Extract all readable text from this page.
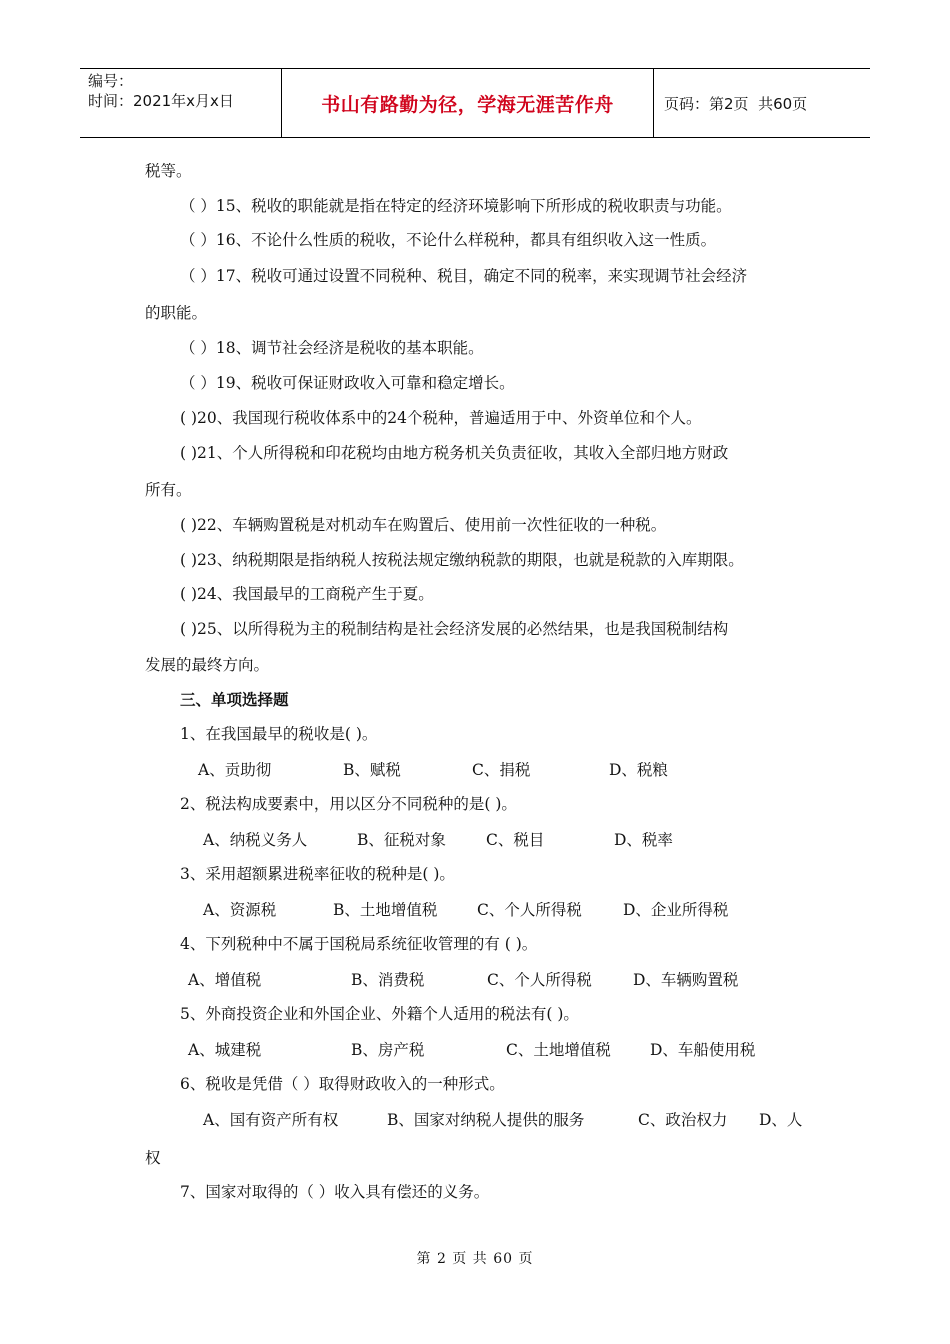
编号：
时间：2021年x月x日	书山有路勤为径，学海无涯苦作舟	页码：第2页  共60页
税等。
（ ）15、税收的职能就是指在特定的经济环境影响下所形成的税收职责与功能。
（ ）16、不论什么性质的税收，不论什么样税种，都具有组织收入这一性质。
（ ）17、税收可通过设置不同税种、税目，确定不同的税率，来实现调节社会经济
的职能。
（ ）18、调节社会经济是税收的基本职能。
（ ）19、税收可保证财政收入可靠和稳定增长。
( )20、我国现行税收体系中的24个税种，普遍适用于中、外资单位和个人。
( )21、个人所得税和印花税均由地方税务机关负责征收，其收入全部归地方财政
所有。
( )22、车辆购置税是对机动车在购置后、使用前一次性征收的一种税。
( )23、纳税期限是指纳税人按税法规定缴纳税款的期限，也就是税款的入库期限。
( )24、我国最早的工商税产生于夏。
( )25、以所得税为主的税制结构是社会经济发展的必然结果，也是我国税制结构
发展的最终方向。
三、单项选择题
1、在我国最早的税收是( )。
A、贡助彻	B、赋税	C、捐税	D、税粮
2、税法构成要素中，用以区分不同税种的是( )。
A、纳税义务人	B、征税对象	C、税目	D、税率
3、采用超额累进税率征收的税种是( )。
A、资源税	B、土地增值税	C、个人所得税	D、企业所得税
4、下列税种中不属于国税局系统征收管理的有 ( )。
A、增值税	B、消费税	C、个人所得税	D、车辆购置税
5、外商投资企业和外国企业、外籍个人适用的税法有( )。
A、城建税	B、房产税	C、土地增值税	D、车船使用税
6、税收是凭借（ ）取得财政收入的一种形式。
A、国有资产所有权	B、国家对纳税人提供的服务	C、政治权力 D、人
权
7、国家对取得的（ ）收入具有偿还的义务。
第 2 页 共 60 页
